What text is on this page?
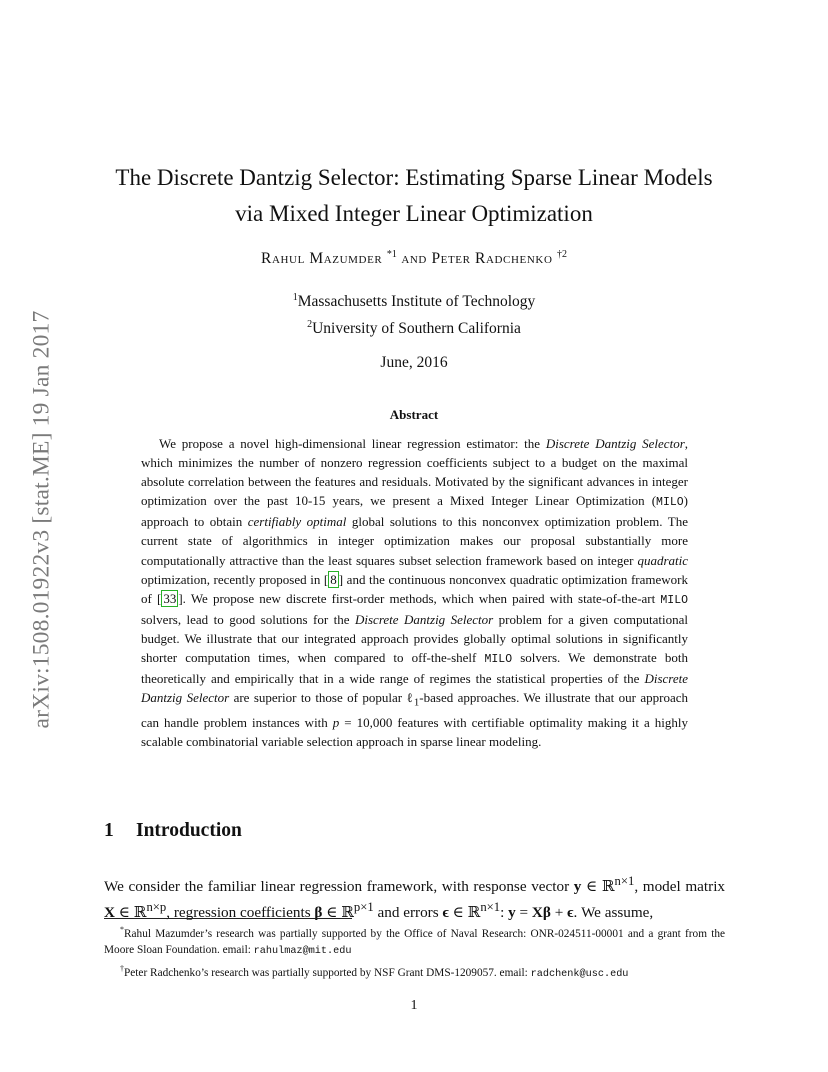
arXiv:1508.01922v3 [stat.ME] 19 Jan 2017
The Discrete Dantzig Selector: Estimating Sparse Linear Models
via Mixed Integer Linear Optimization
Rahul Mazumder $^{*1}$ and Peter Radchenko $^{\dagger 2}$
$^1$Massachusetts Institute of Technology
$^2$University of Southern California
June, 2016
Abstract
We propose a novel high-dimensional linear regression estimator: the Discrete Dantzig Selector, which minimizes the number of nonzero regression coefficients subject to a budget on the maximal absolute correlation between the features and residuals. Motivated by the significant advances in integer optimization over the past 10-15 years, we present a Mixed Integer Linear Optimization (MILO) approach to obtain certifiably optimal global solutions to this nonconvex optimization problem. The current state of algorithmics in integer optimization makes our proposal substantially more computationally attractive than the least squares subset selection framework based on integer quadratic optimization, recently proposed in [ 8 ] and the continuous nonconvex quadratic optimization framework of [ 33 ]. We propose new discrete first-order methods, which when paired with state-of-the-art MILO solvers, lead to good solutions for the Discrete Dantzig Selector problem for a given computational budget. We illustrate that our integrated approach provides globally optimal solutions in significantly shorter computation times, when compared to off-the-shelf MILO solvers. We demonstrate both theoretically and empirically that in a wide range of regimes the statistical properties of the Discrete Dantzig Selector are superior to those of popular ℓ$_1$-based approaches. We illustrate that our approach can handle problem instances with p = 10,000 features with certifiable optimality making it a highly scalable combinatorial variable selection approach in sparse linear modeling.
1 Introduction
We consider the familiar linear regression framework, with response vector y ∈ ℝ$^{n\times 1}$, model matrix X ∈ ℝ$^{n\times p}$, regression coefficients β ∈ ℝ$^{p\times 1}$ and errors ϵ ∈ ℝ$^{n\times 1}$: y = Xβ + ϵ. We assume,

*Rahul Mazumder’s research was partially supported by the Office of Naval Research: ONR-024511-00001 and a grant from the Moore Sloan Foundation. email: rahulmaz@mit.edu

†Peter Radchenko’s research was partially supported by NSF Grant DMS-1209057. email: radchenk@usc.edu

1
